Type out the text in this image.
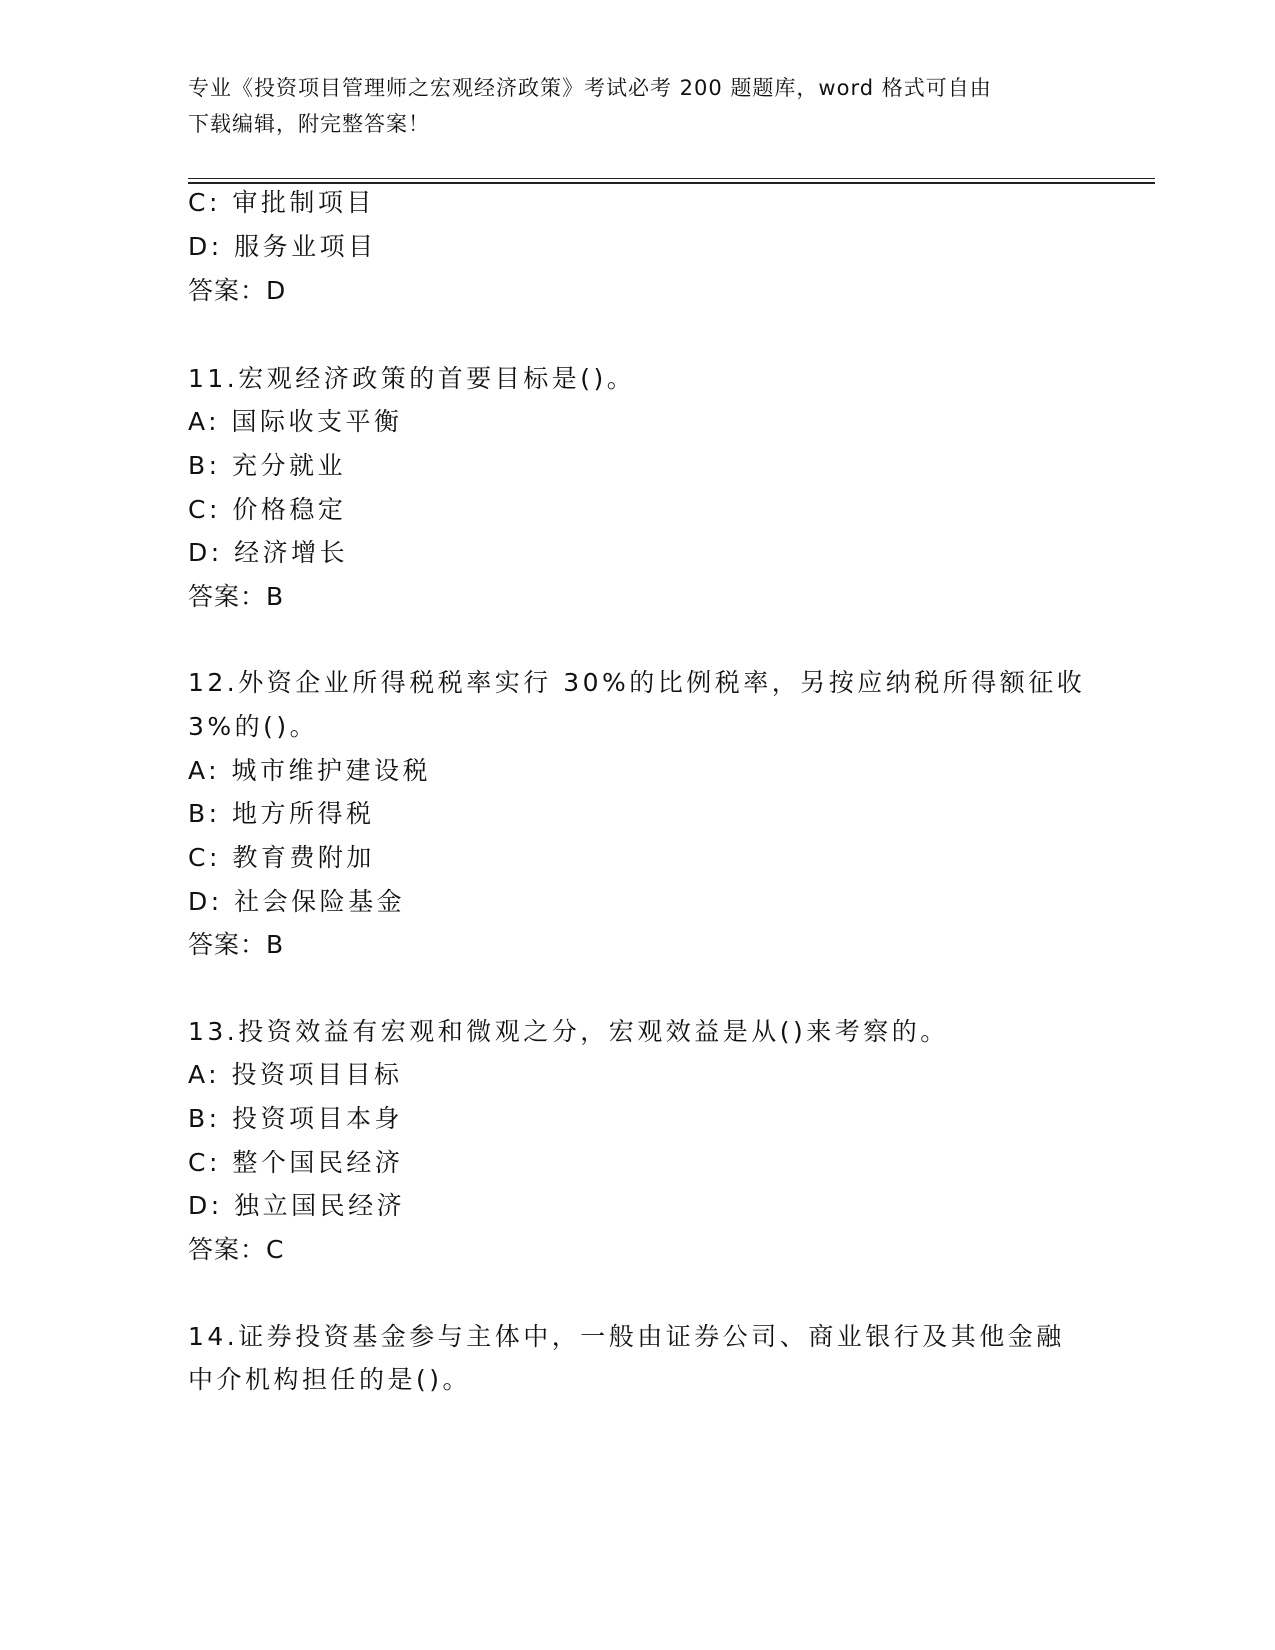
专业《投资项目管理师之宏观经济政策》考试必考 200 题题库，word 格式可自由
下载编辑，附完整答案！
C: 审批制项目
D: 服务业项目
答案：D
11.宏观经济政策的首要目标是()。
A: 国际收支平衡
B: 充分就业
C: 价格稳定
D: 经济增长
答案：B
12.外资企业所得税税率实行 30%的比例税率，另按应纳税所得额征收
3%的()。
A: 城市维护建设税
B: 地方所得税
C: 教育费附加
D: 社会保险基金
答案：B
13.投资效益有宏观和微观之分，宏观效益是从()来考察的。
A: 投资项目目标
B: 投资项目本身
C: 整个国民经济
D: 独立国民经济
答案：C
14.证券投资基金参与主体中，一般由证券公司、商业银行及其他金融
中介机构担任的是()。
